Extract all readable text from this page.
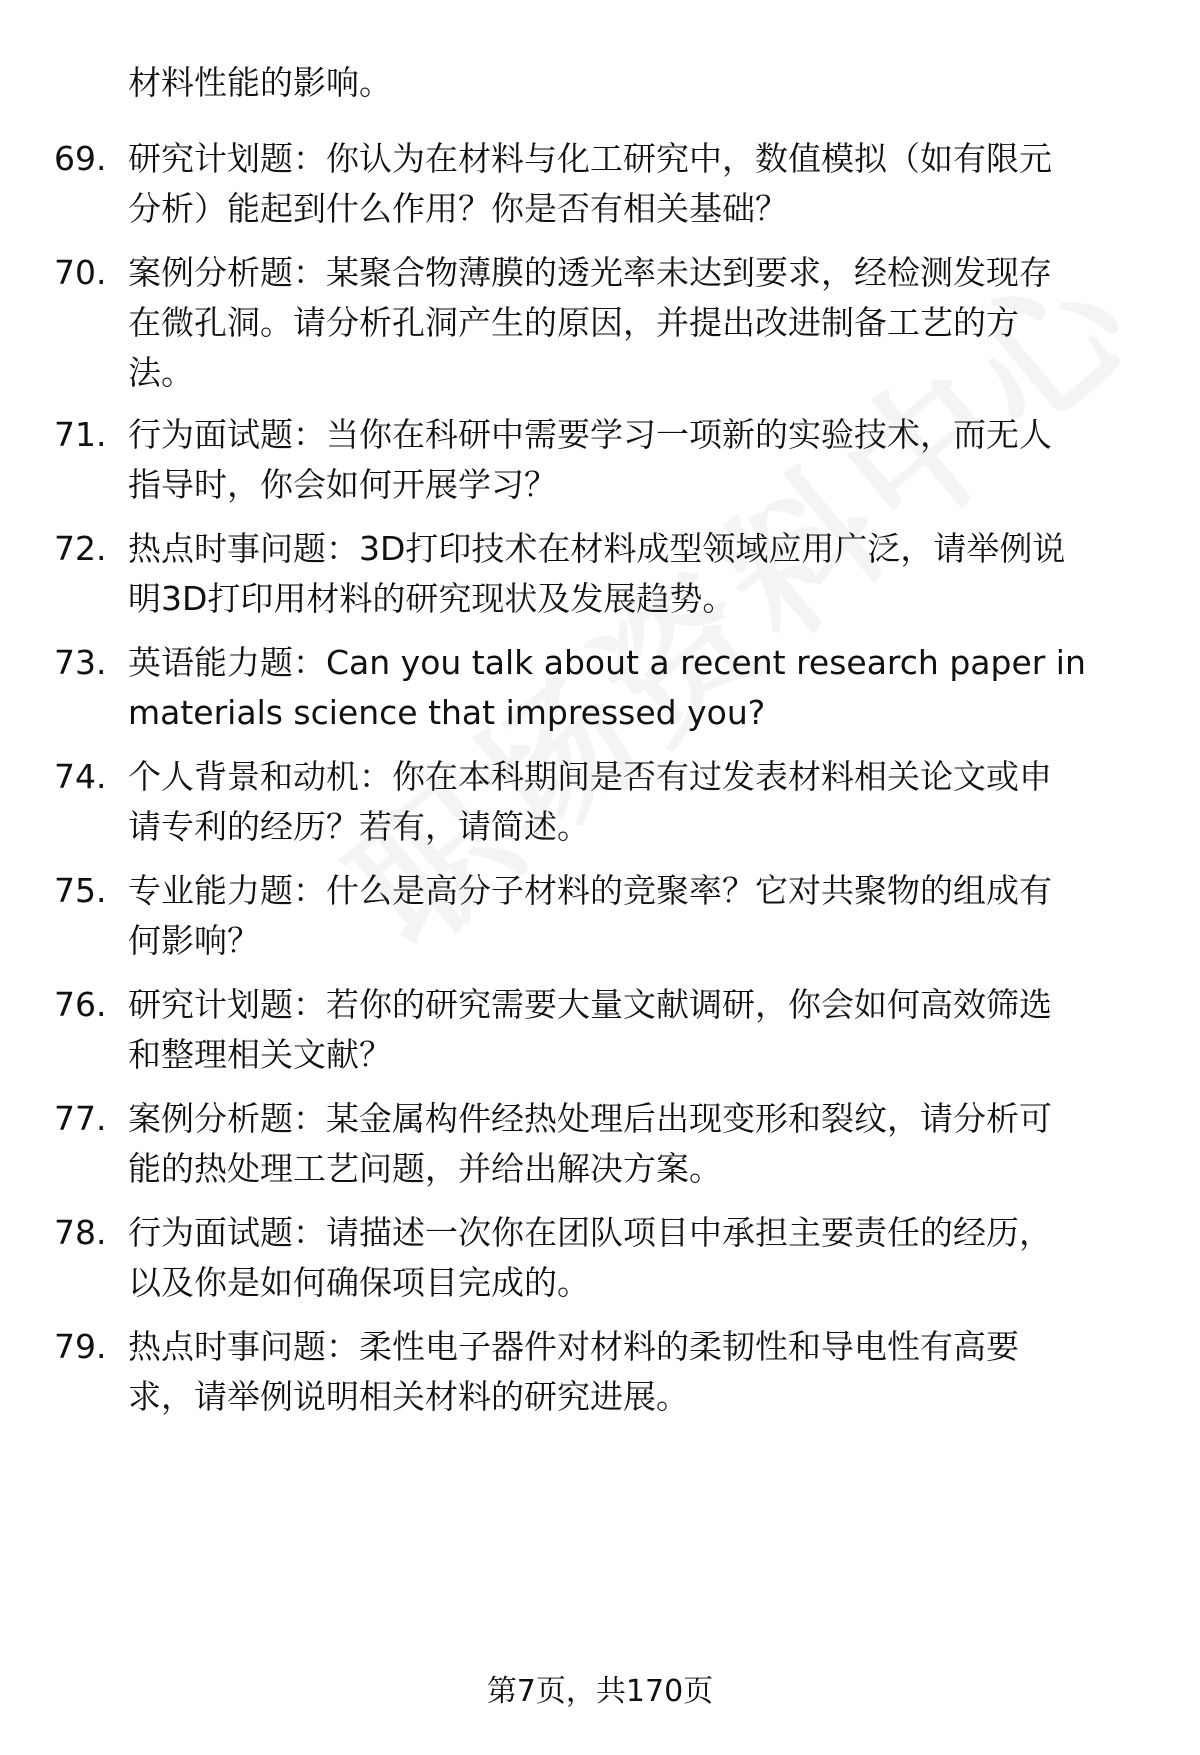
材料性能的影响。
69. 研究计划题：你认为在材料与化工研究中，数值模拟（如有限元
分析）能起到什么作用？你是否有相关基础？
70. 案例分析题：某聚合物薄膜的透光率未达到要求，经检测发现存
在微孔洞。请分析孔洞产生的原因，并提出改进制备工艺的方
法。
71. 行为面试题：当你在科研中需要学习一项新的实验技术，而无人
指导时，你会如何开展学习？
72. 热点时事问题：3D打印技术在材料成型领域应用广泛，请举例说
明3D打印用材料的研究现状及发展趋势。
73. 英语能力题：Can you talk about a recent research paper in
materials science that impressed you?
74. 个人背景和动机：你在本科期间是否有过发表材料相关论文或申
请专利的经历？若有，请简述。
75. 专业能力题：什么是高分子材料的竞聚率？它对共聚物的组成有
何影响？
76. 研究计划题：若你的研究需要大量文献调研，你会如何高效筛选
和整理相关文献？
77. 案例分析题：某金属构件经热处理后出现变形和裂纹，请分析可
能的热处理工艺问题，并给出解决方案。
78. 行为面试题：请描述一次你在团队项目中承担主要责任的经历，
以及你是如何确保项目完成的。
79. 热点时事问题：柔性电子器件对材料的柔韧性和导电性有高要
求，请举例说明相关材料的研究进展。
第7页，共170页
